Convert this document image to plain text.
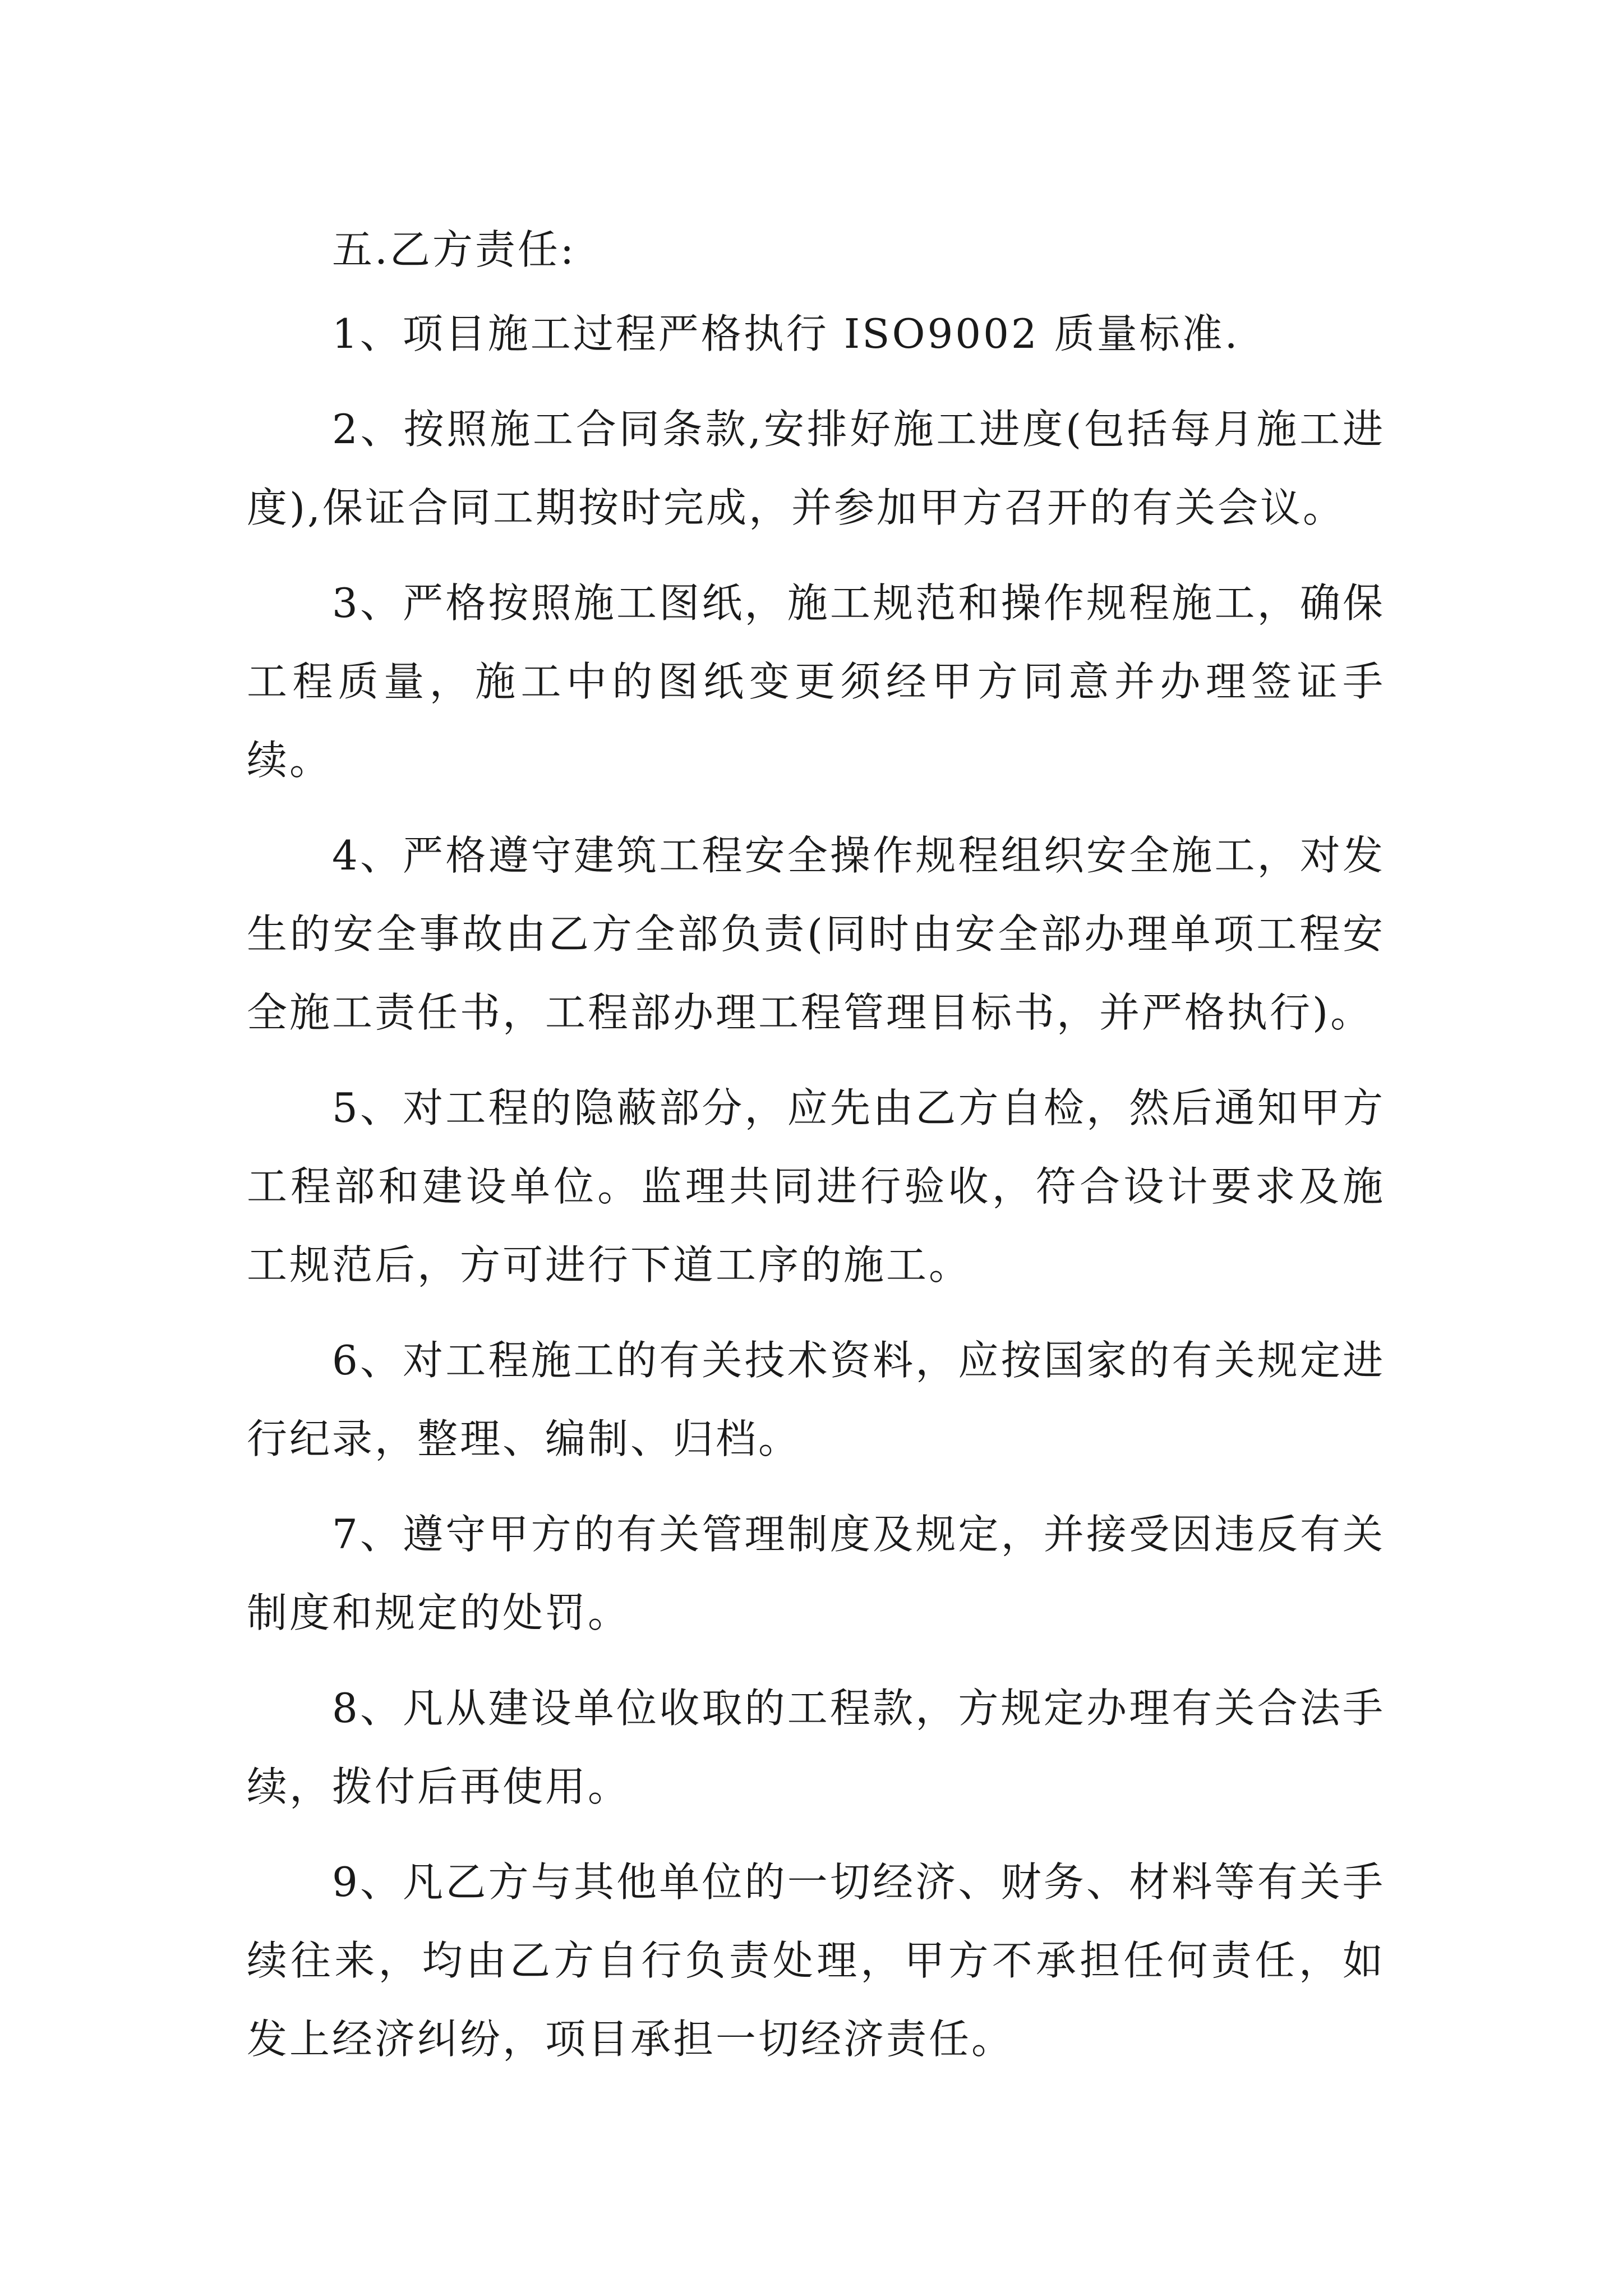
五.乙方责任:

1、项目施工过程严格执行 ISO9002 质量标准.

2、按照施工合同条款,安排好施工进度(包括每月施工进度),保证合同工期按时完成，并参加甲方召开的有关会议。

3、严格按照施工图纸，施工规范和操作规程施工，确保工程质量，施工中的图纸变更须经甲方同意并办理签证手续。

4、严格遵守建筑工程安全操作规程组织安全施工，对发生的安全事故由乙方全部负责(同时由安全部办理单项工程安全施工责任书，工程部办理工程管理目标书，并严格执行)。

5、对工程的隐蔽部分，应先由乙方自检，然后通知甲方工程部和建设单位。监理共同进行验收，符合设计要求及施工规范后，方可进行下道工序的施工。

6、对工程施工的有关技术资料，应按国家的有关规定进行纪录，整理、编制、归档。

7、遵守甲方的有关管理制度及规定，并接受因违反有关制度和规定的处罚。

8、凡从建设单位收取的工程款，方规定办理有关合法手续，拨付后再使用。

9、凡乙方与其他单位的一切经济、财务、材料等有关手续往来，均由乙方自行负责处理，甲方不承担任何责任，如发上经济纠纷，项目承担一切经济责任。
